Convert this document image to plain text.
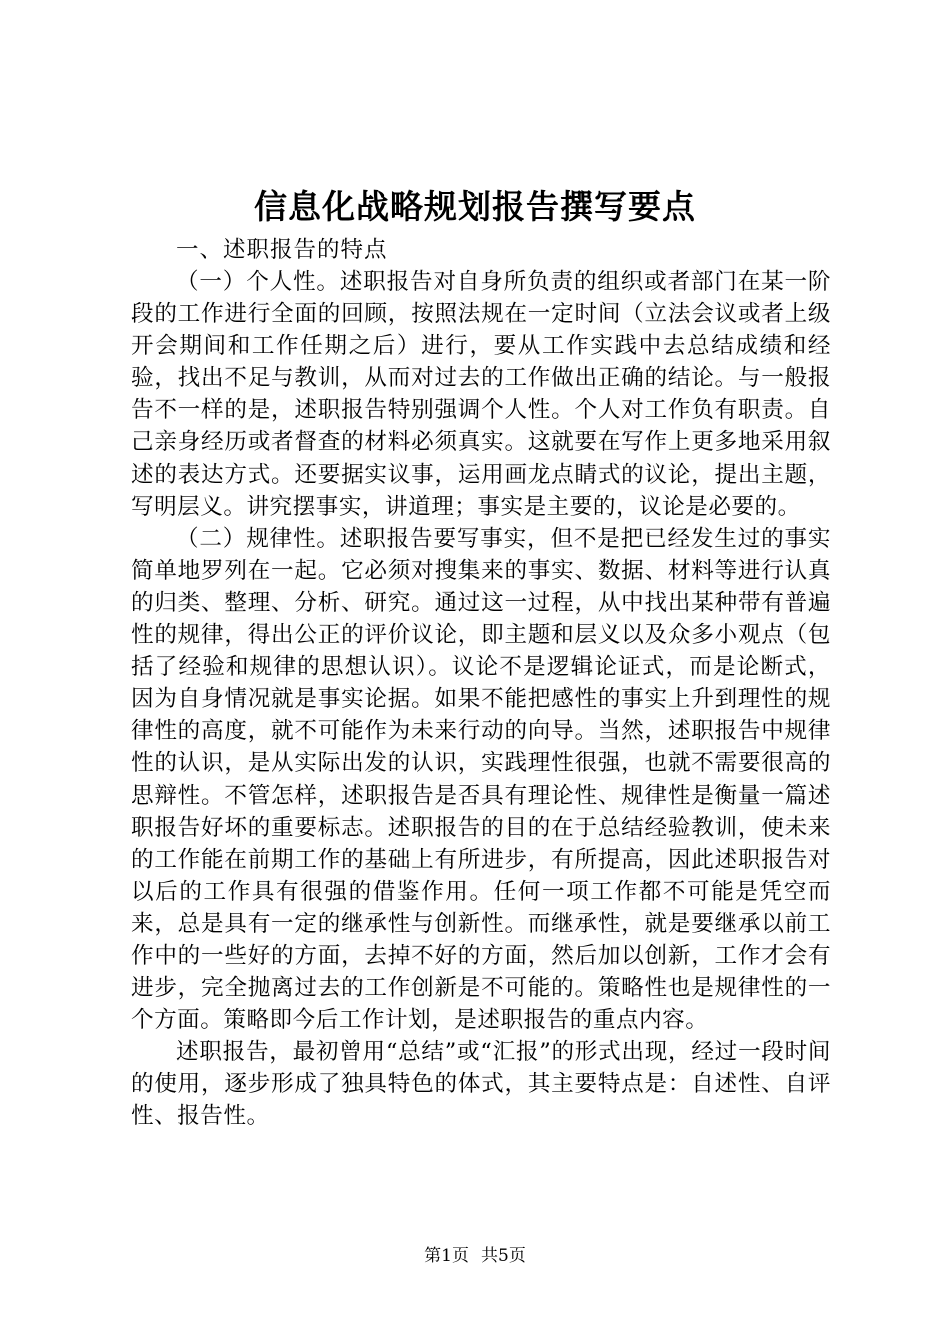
信息化战略规划报告撰写要点

一、述职报告的特点

（一）个人性。述职报告对自身所负责的组织或者部门在某一阶段的工作进行全面的回顾，按照法规在一定时间（立法会议或者上级开会期间和工作任期之后）进行，要从工作实践中去总结成绩和经验，找出不足与教训，从而对过去的工作做出正确的结论。与一般报告不一样的是，述职报告特别强调个人性。个人对工作负有职责。自己亲身经历或者督查的材料必须真实。这就要在写作上更多地采用叙述的表达方式。还要据实议事，运用画龙点睛式的议论，提出主题，写明层义。讲究摆事实，讲道理；事实是主要的，议论是必要的。

（二）规律性。述职报告要写事实，但不是把已经发生过的事实简单地罗列在一起。它必须对搜集来的事实、数据、材料等进行认真的归类、整理、分析、研究。通过这一过程，从中找出某种带有普遍性的规律，得出公正的评价议论，即主题和层义以及众多小观点（包括了经验和规律的思想认识）。议论不是逻辑论证式，而是论断式，因为自身情况就是事实论据。如果不能把感性的事实上升到理性的规律性的高度，就不可能作为未来行动的向导。当然，述职报告中规律性的认识，是从实际出发的认识，实践理性很强，也就不需要很高的思辩性。不管怎样，述职报告是否具有理论性、规律性是衡量一篇述职报告好坏的重要标志。述职报告的目的在于总结经验教训，使未来的工作能在前期工作的基础上有所进步，有所提高，因此述职报告对以后的工作具有很强的借鉴作用。任何一项工作都不可能是凭空而来，总是具有一定的继承性与创新性。而继承性，就是要继承以前工作中的一些好的方面，去掉不好的方面，然后加以创新，工作才会有进步，完全抛离过去的工作创新是不可能的。策略性也是规律性的一个方面。策略即今后工作计划，是述职报告的重点内容。

述职报告，最初曾用“总结”或“汇报”的形式出现，经过一段时间的使用，逐步形成了独具特色的体式，其主要特点是：自述性、自评性、报告性。

第1页 共5页
